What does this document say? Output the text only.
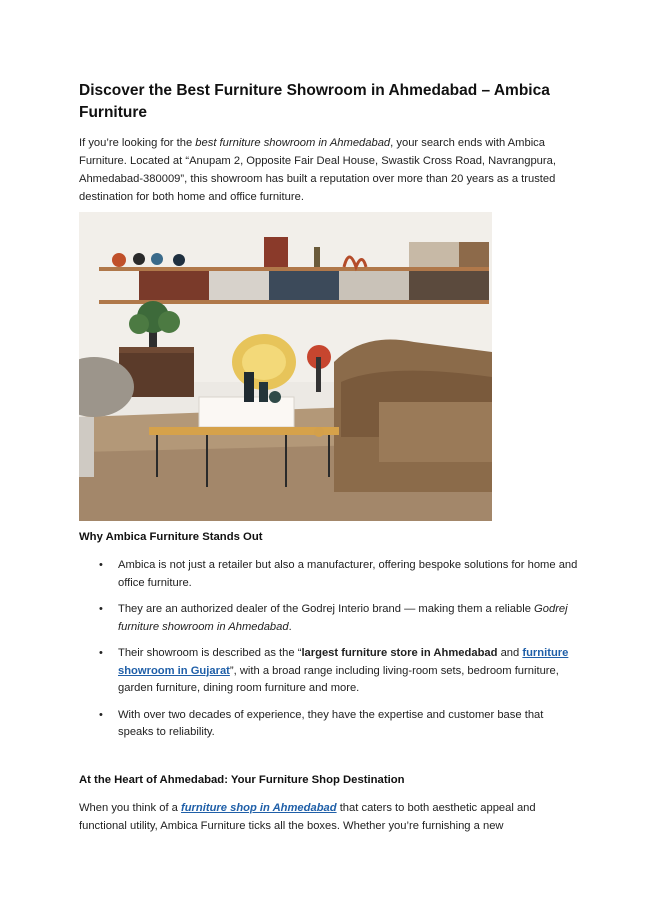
Discover the Best Furniture Showroom in Ahmedabad – Ambica Furniture
If you’re looking for the best furniture showroom in Ahmedabad, your search ends with Ambica Furniture. Located at “Anupam 2, Opposite Fair Deal House, Swastik Cross Road, Navrangpura, Ahmedabad-380009”, this showroom has built a reputation over more than 20 years as a trusted destination for both home and office furniture.
Why Ambica Furniture Stands Out
• Ambica is not just a retailer but also a manufacturer, offering bespoke solutions for home and office furniture.
• They are an authorized dealer of the Godrej Interio brand — making them a reliable Godrej furniture showroom in Ahmedabad.
• Their showroom is described as the “largest furniture store in Ahmedabad and furniture showroom in Gujarat”, with a broad range including living-room sets, bedroom furniture, garden furniture, dining room furniture and more.
• With over two decades of experience, they have the expertise and customer base that speaks to reliability.
At the Heart of Ahmedabad: Your Furniture Shop Destination
When you think of a furniture shop in Ahmedabad that caters to both aesthetic appeal and functional utility, Ambica Furniture ticks all the boxes. Whether you’re furnishing a new
